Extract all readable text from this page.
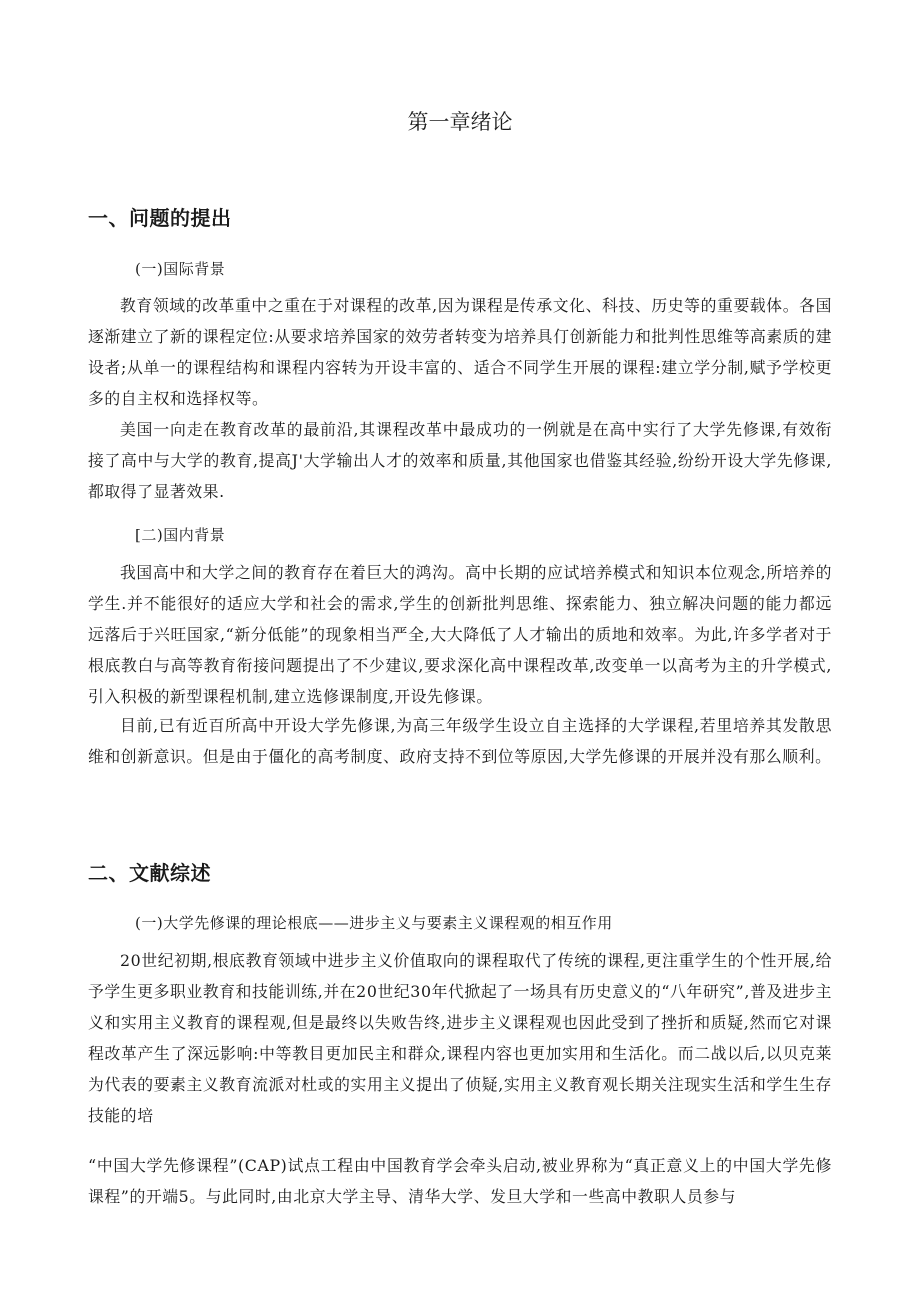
第一章绪论
一、问题的提出
(一)国际背景

教育领域的改革重中之重在于对课程的改革,因为课程是传承文化、科技、历史等的重要载体。各国逐渐建立了新的课程定位:从要求培养国家的效劳者转变为培养具仃创新能力和批判性思维等高素质的建设者;从单一的课程结构和课程内容转为开设丰富的、适合不同学生开展的课程:建立学分制,赋予学校更多的自主权和选择权等。

美国一向走在教育改革的最前沿,其课程改革中最成功的一例就是在高中实行了大学先修课,有效衔接了高中与大学的教育,提高J'大学输出人才的效率和质量,其他国家也借鉴其经验,纷纷开设大学先修课,都取得了显著效果.

[二)国内背景

我国高中和大学之间的教育存在着巨大的鸿沟。高中长期的应试培养模式和知识本位观念,所培养的学生.并不能很好的适应大学和社会的需求,学生的创新批判思维、探索能力、独立解决问题的能力都远远落后于兴旺国家,“新分低能”的现象相当严全,大大降低了人才输出的质地和效率。为此,许多学者对于根底教白与高等教育衔接问题提出了不少建议,要求深化高中课程改革,改变单一以高考为主的升学模式,引入积极的新型课程机制,建立选修课制度,开设先修课。

目前,已有近百所高中开设大学先修课,为高三年级学生设立自主选择的大学课程,若里培养其发散思维和创新意识。但是由于僵化的高考制度、政府支持不到位等原因,大学先修课的开展并没有那么顺利。

二、文献综述
(一)大学先修课的理论根底——进步主义与要素主义课程观的相互作用

20世纪初期,根底教育领域中进步主义价值取向的课程取代了传统的课程,更注重学生的个性开展,给予学生更多职业教育和技能训练,并在20世纪30年代掀起了一场具有历史意义的“八年研究”,普及进步主义和实用主义教育的课程观,但是最终以失败告终,进步主义课程观也因此受到了挫折和质疑,然而它对课程改革产生了深远影响:中等教目更加民主和群众,课程内容也更加实用和生活化。而二战以后,以贝克莱为代表的要素主义教育流派对杜或的实用主义提出了侦疑,实用主义教育观长期关注现实生活和学生生存技能的培

“中国大学先修课程”(CAP)试点工程由中国教育学会牵头启动,被业界称为“真正意义上的中国大学先修课程”的开端5。与此同时,由北京大学主导、清华大学、发旦大学和一些高中教职人员参与
